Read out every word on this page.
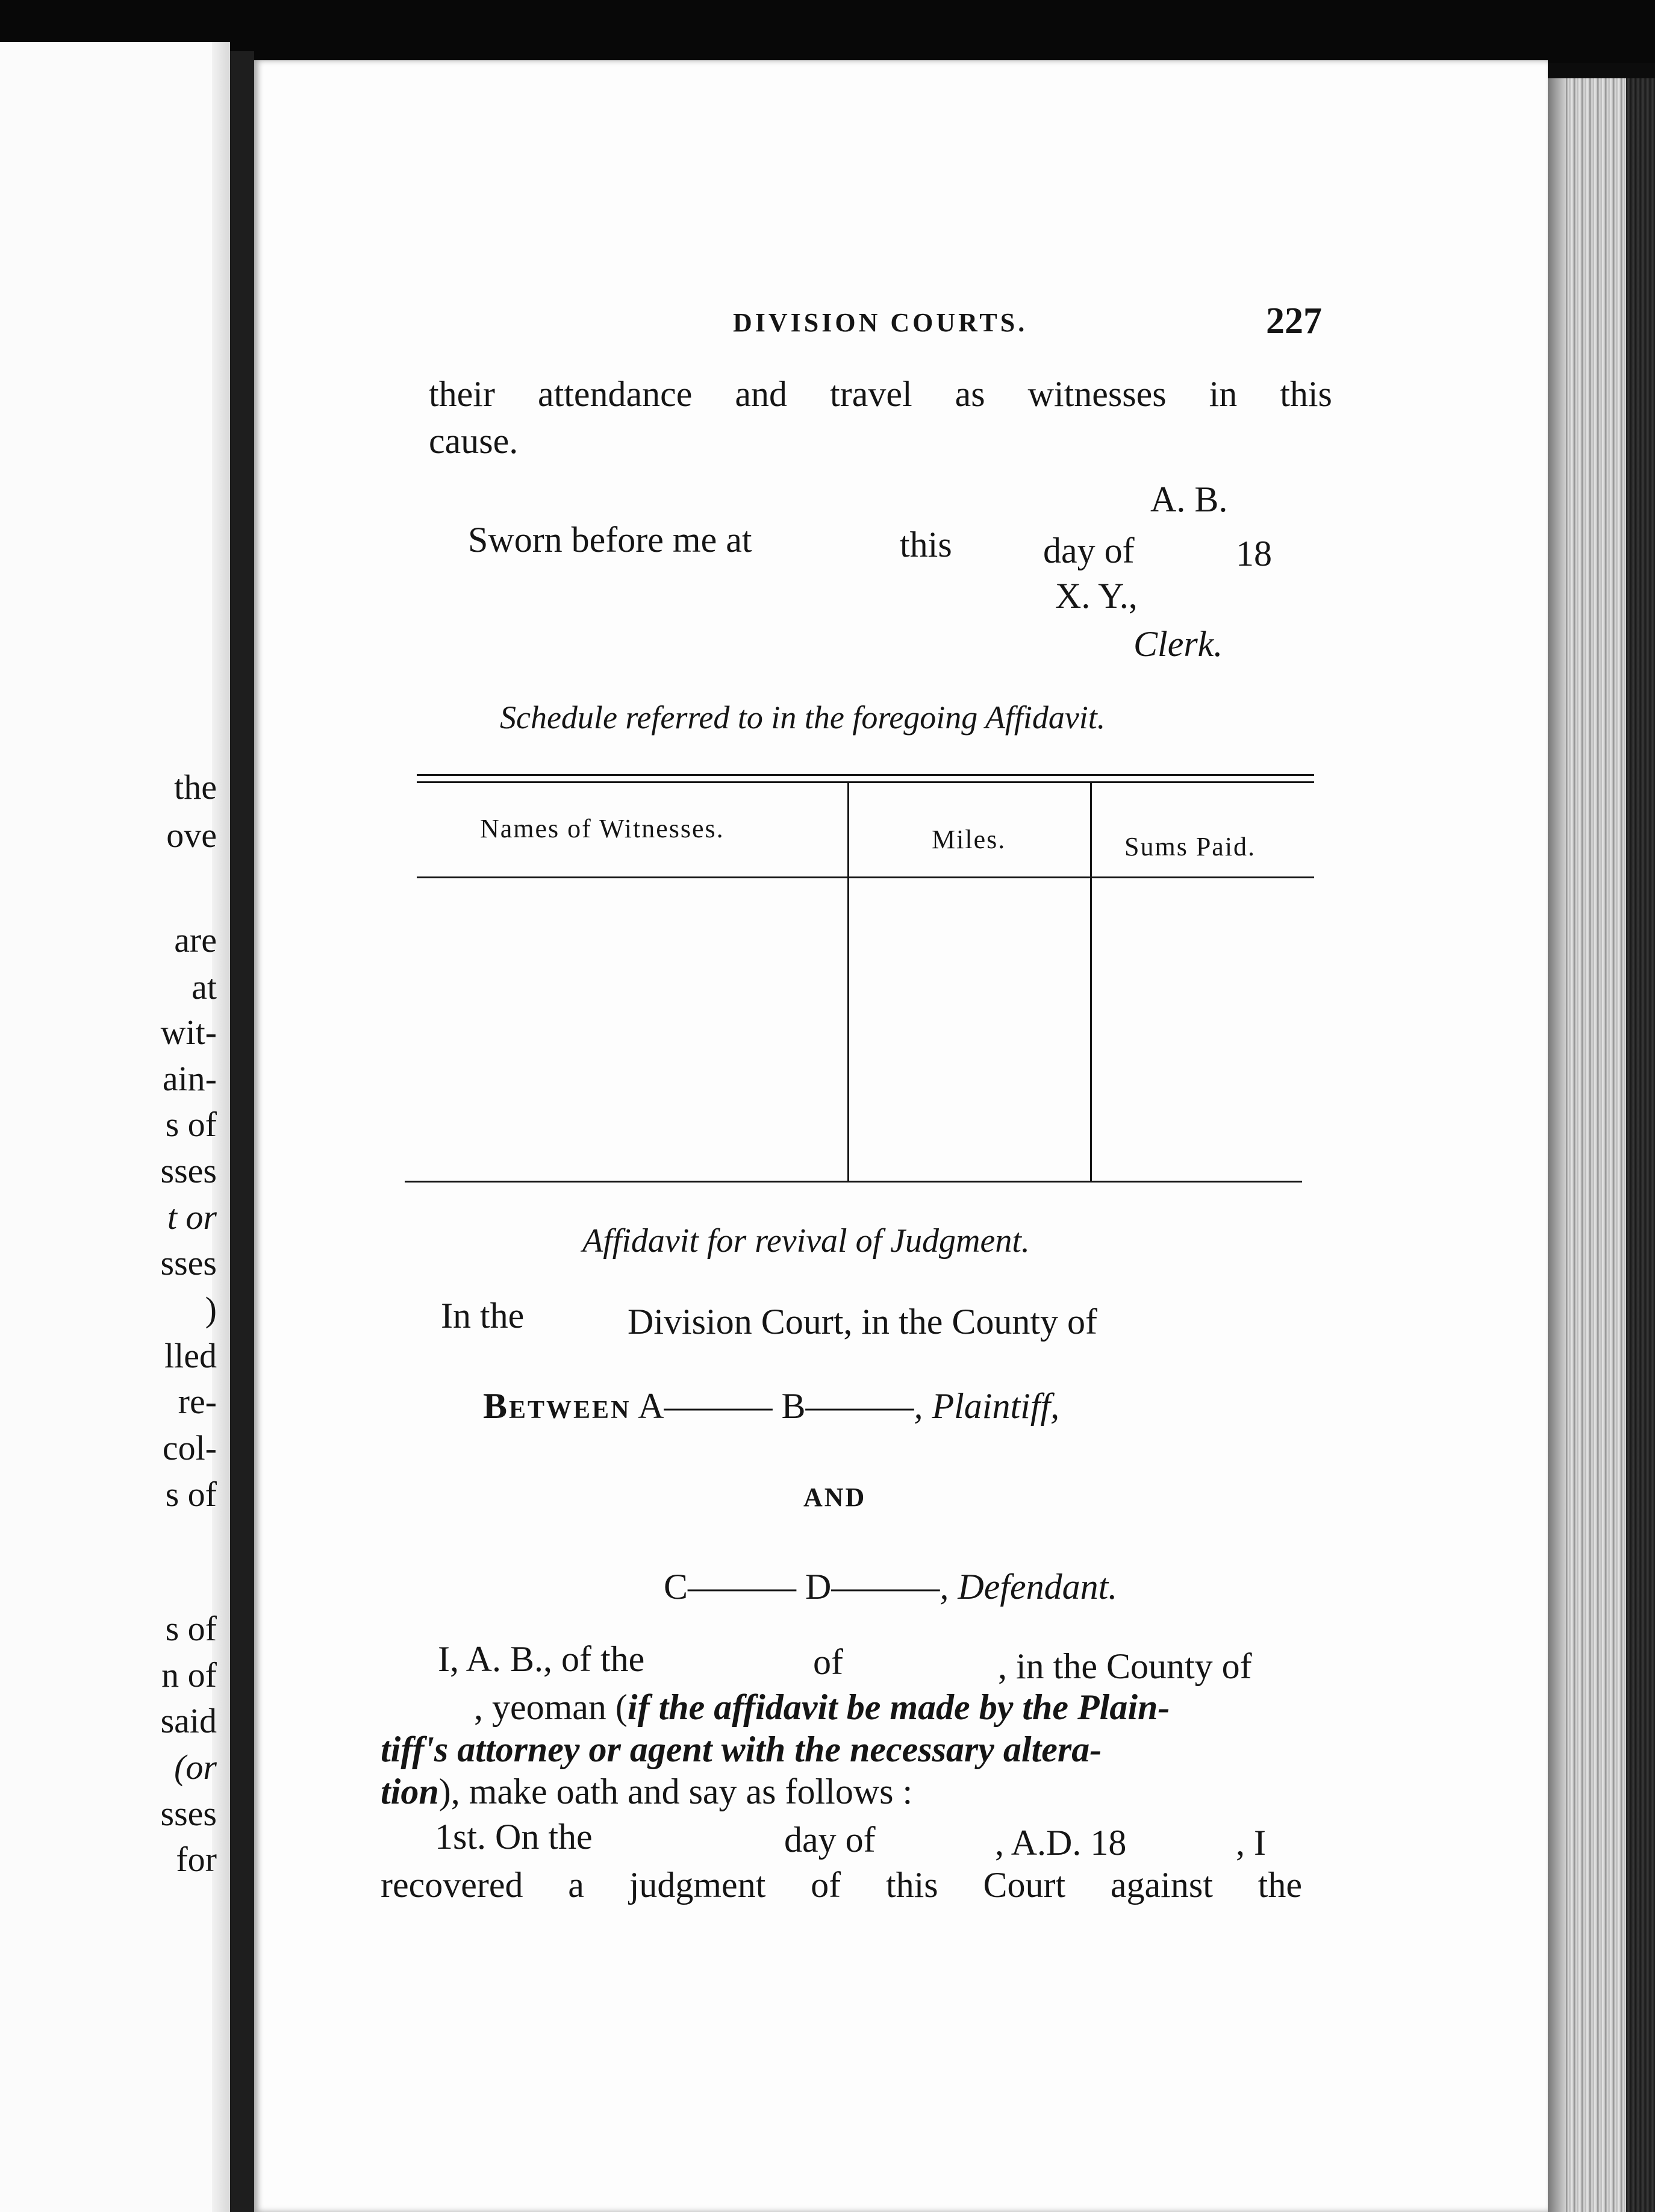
the
ove
are
at
wit-
ain-
s of
sses
t or
sses
)
lled
re-
col-
s of
s of
n of
said
(or
sses
for
DIVISION COURTS.	227
their attendance and travel as witnesses in this
cause.
A. B.
Sworn before me at	this	day of	18
X. Y.,
Clerk.
Schedule referred to in the foregoing Affidavit.
Names of Witnesses.	Miles.	Sums Paid.
Affidavit for revival of Judgment.
In the	Division Court, in the County of
Between A——— B———, Plaintiff,
AND
C——— D———, Defendant.
I, A. B., of the	of	, in the County of
, yeoman (if the affidavit be made by the Plain-
tiff's attorney or agent with the necessary altera-
tion), make oath and say as follows :
1st. On the	day of	, A.D. 18	, I
recovered a judgment of this Court against the
